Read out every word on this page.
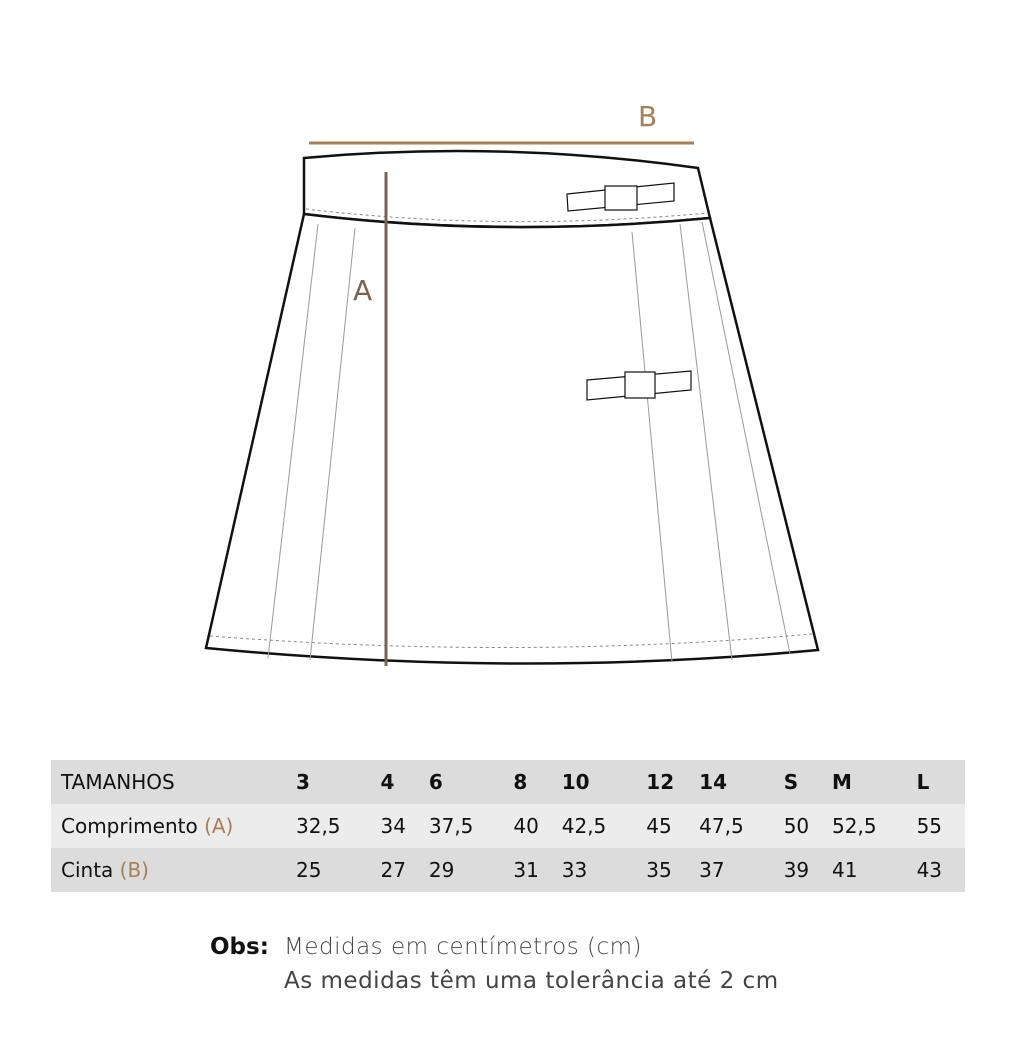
B
A
TAMANHOS	3	4	6	8	10	12	14	S	M	L
Comprimento (A)	32,5	34	37,5	40	42,5	45	47,5	50	52,5	55
Cinta (B)	25	27	29	31	33	35	37	39	41	43
Obs: Medidas em centímetros (cm)
As medidas têm uma tolerância até 2 cm
